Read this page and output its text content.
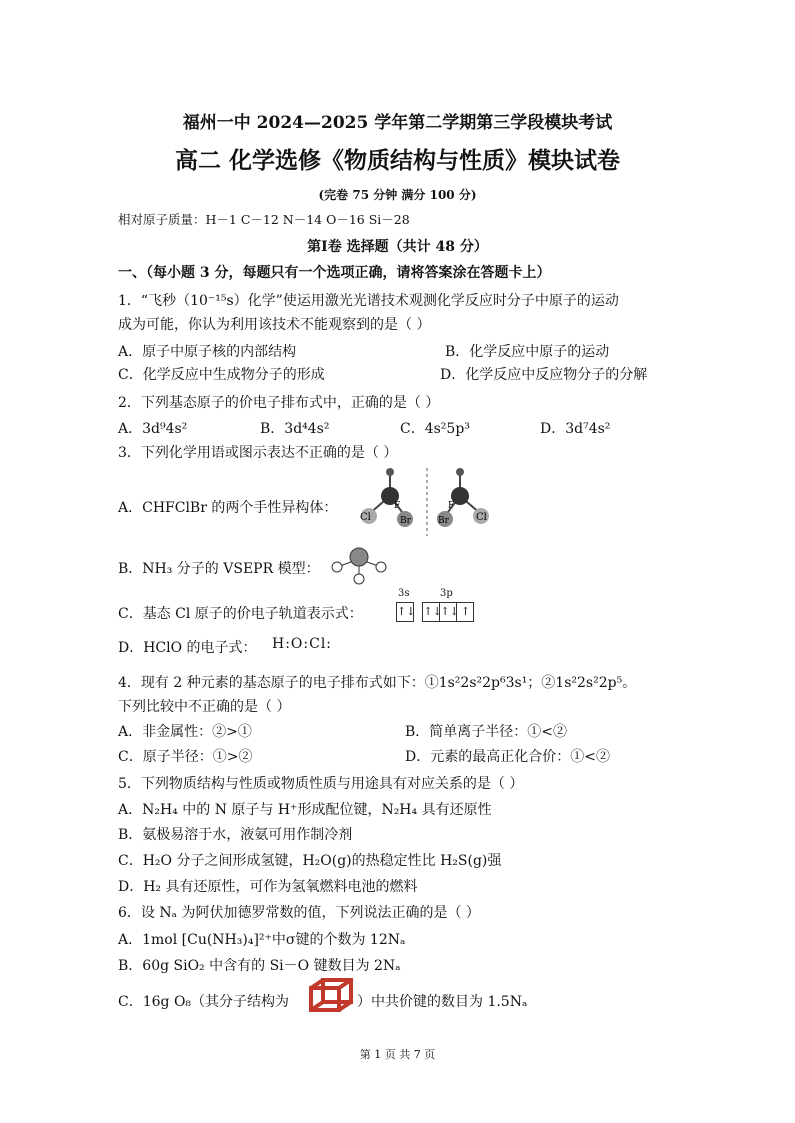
福州一中 2024—2025 学年第二学期第三学段模块考试
高二 化学选修《物质结构与性质》模块试卷
(完卷 75 分钟 满分 100 分)
相对原子质量：H－1 C－12 N－14 O－16 Si－28
第Ⅰ卷 选择题（共计 48 分）
一、（每小题 3 分，每题只有一个选项正确，请将答案涂在答题卡上）
1．“飞秒（10⁻¹⁵s）化学”使运用激光光谱技术观测化学反应时分子中原子的运动
成为可能，你认为利用该技术不能观察到的是（ ）
A．原子中原子核的内部结构	B．化学反应中原子的运动
C．化学反应中生成物分子的形成	D．化学反应中反应物分子的分解
2．下列基态原子的价电子排布式中，正确的是（ ）
A．3d⁹4s²	B．3d⁴4s²	C．4s²5p³	D．3d⁷4s²
3．下列化学用语或图示表达不正确的是（ ）
A．CHFClBr 的两个手性异构体：
Cl
F
Br
F
Br	Cl
B．NH₃ 分子的 VSEPR 模型：
C．基态 Cl 原子的价电子轨道表示式：
3s	3p
↑↓
↑↓
↑↓ ↑
D．HClO 的电子式： H:O:Cl:
4．现有 2 种元素的基态原子的电子排布式如下：①1s²2s²2p⁶3s¹；②1s²2s²2p⁵。
下列比较中不正确的是（ ）
A．非金属性：②>①	B．简单离子半径：①<②
C．原子半径：①>②	D．元素的最高正化合价：①<②
5．下列物质结构与性质或物质性质与用途具有对应关系的是（ ）
A．N₂H₄ 中的 N 原子与 H⁺形成配位键，N₂H₄ 具有还原性
B．氨极易溶于水，液氨可用作制冷剂
C．H₂O 分子之间形成氢键，H₂O(g)的热稳定性比 H₂S(g)强
D．H₂ 具有还原性，可作为氢氧燃料电池的燃料
6．设 Nₐ 为阿伏加德罗常数的值，下列说法正确的是（ ）
A．1mol [Cu(NH₃)₄]²⁺中σ键的个数为 12Nₐ
B．60g SiO₂ 中含有的 Si－O 键数目为 2Nₐ
C．16g O₈（其分子结构为	）中共价键的数目为 1.5Nₐ
第 1 页 共 7 页
